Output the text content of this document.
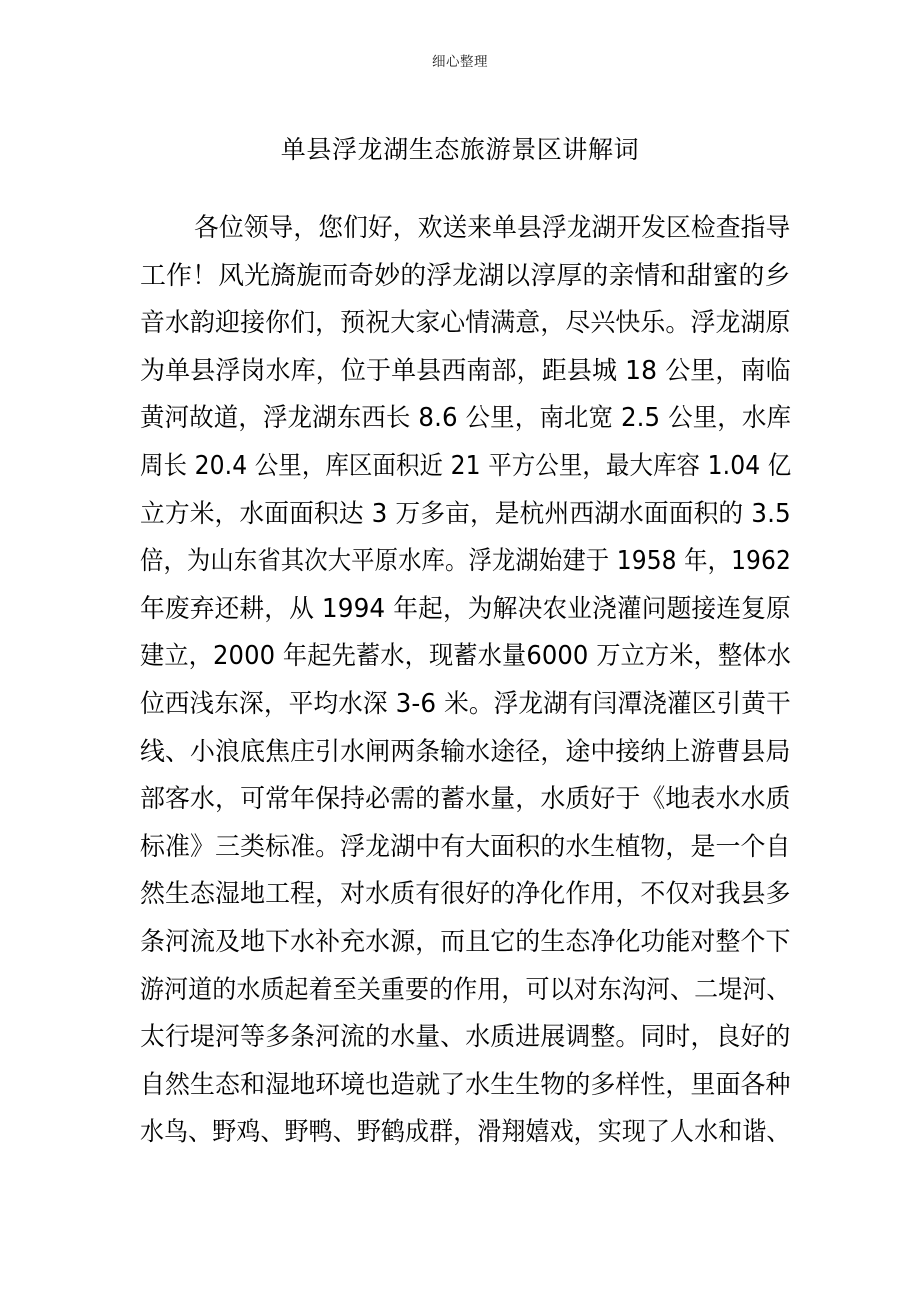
细心整理
单县浮龙湖生态旅游景区讲解词
各位领导，您们好，欢送来单县浮龙湖开发区检查指导 工作！风光旖旎而奇妙的浮龙湖以淳厚的亲情和甜蜜的乡 音水韵迎接你们，预祝大家心情满意，尽兴快乐。浮龙湖原 为单县浮岗水库，位于单县西南部，距县城 18 公里，南临 黄河故道，浮龙湖东西长 8.6 公里，南北宽 2.5 公里，水库 周长 20.4 公里，库区面积近 21 平方公里，最大库容 1.04 亿 立方米，水面面积达 3 万多亩，是杭州西湖水面面积的 3.5 倍，为山东省其次大平原水库。浮龙湖始建于 1958 年，1962 年废弃还耕，从 1994 年起，为解决农业浇灌问题接连复原 建立，2000 年起先蓄水，现蓄水量6000 万立方米，整体水 位西浅东深，平均水深 3-6 米。浮龙湖有闫潭浇灌区引黄干 线、小浪底焦庄引水闸两条输水途径，途中接纳上游曹县局 部客水，可常年保持必需的蓄水量，水质好于《地表水水质 标准》三类标准。浮龙湖中有大面积的水生植物，是一个自 然生态湿地工程，对水质有很好的净化作用，不仅对我县多 条河流及地下水补充水源，而且它的生态净化功能对整个下 游河道的水质起着至关重要的作用，可以对东沟河、二堤河、 太行堤河等多条河流的水量、水质进展调整。同时，良好的 自然生态和湿地环境也造就了水生生物的多样性，里面各种 水鸟、野鸡、野鸭、野鹤成群，滑翔嬉戏，实现了人水和谐、
